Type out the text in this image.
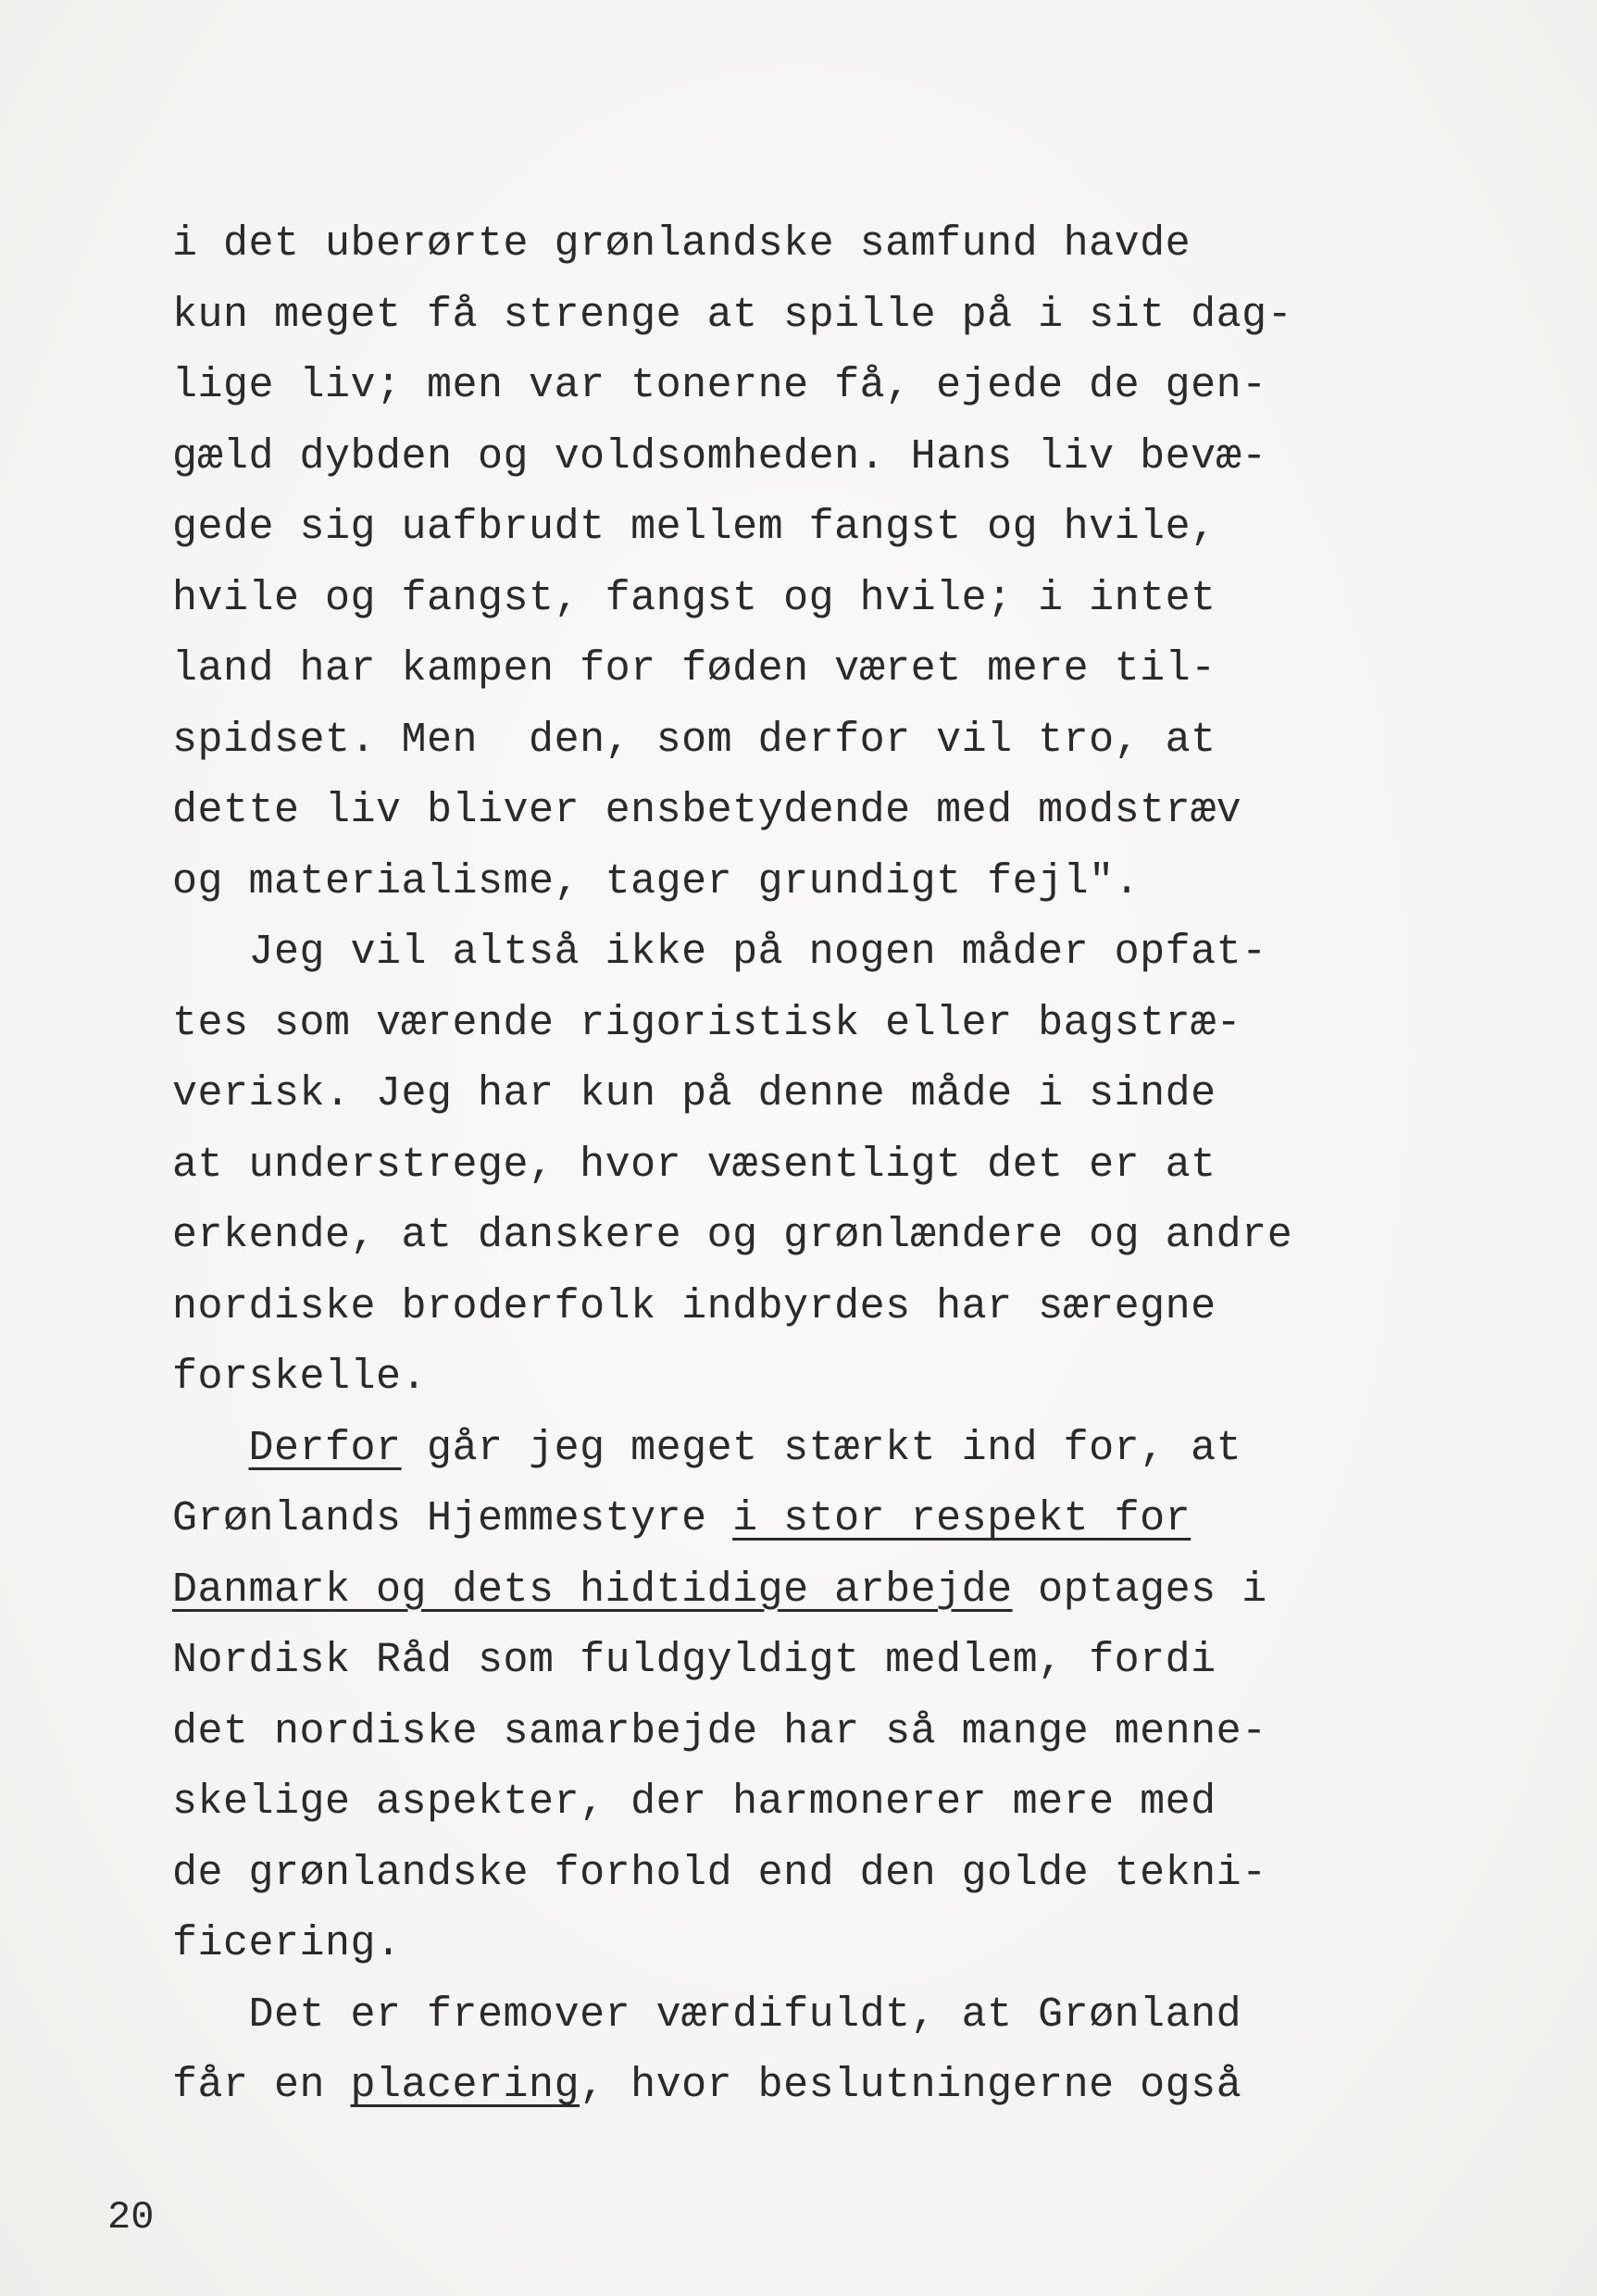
i det uberørte grønlandske samfund havde
kun meget få strenge at spille på i sit dag-
lige liv; men var tonerne få, ejede de gen-
gæld dybden og voldsomheden. Hans liv bevæ-
gede sig uafbrudt mellem fangst og hvile,
hvile og fangst, fangst og hvile; i intet
land har kampen for føden været mere til-
spidset. Men  den, som derfor vil tro, at
dette liv bliver ensbetydende med modstræv
og materialisme, tager grundigt fejl".
Jeg vil altså ikke på nogen måder opfat-
tes som værende rigoristisk eller bagstræ-
verisk. Jeg har kun på denne måde i sinde
at understrege, hvor væsentligt det er at
erkende, at danskere og grønlændere og andre
nordiske broderfolk indbyrdes har særegne
forskelle.
Derfor går jeg meget stærkt ind for, at
Grønlands Hjemmestyre i stor respekt for
Danmark og dets hidtidige arbejde optages i
Nordisk Råd som fuldgyldigt medlem, fordi
det nordiske samarbejde har så mange menne-
skelige aspekter, der harmonerer mere med
de grønlandske forhold end den golde tekni-
ficering.
Det er fremover værdifuldt, at Grønland
får en placering, hvor beslutningerne også
20
